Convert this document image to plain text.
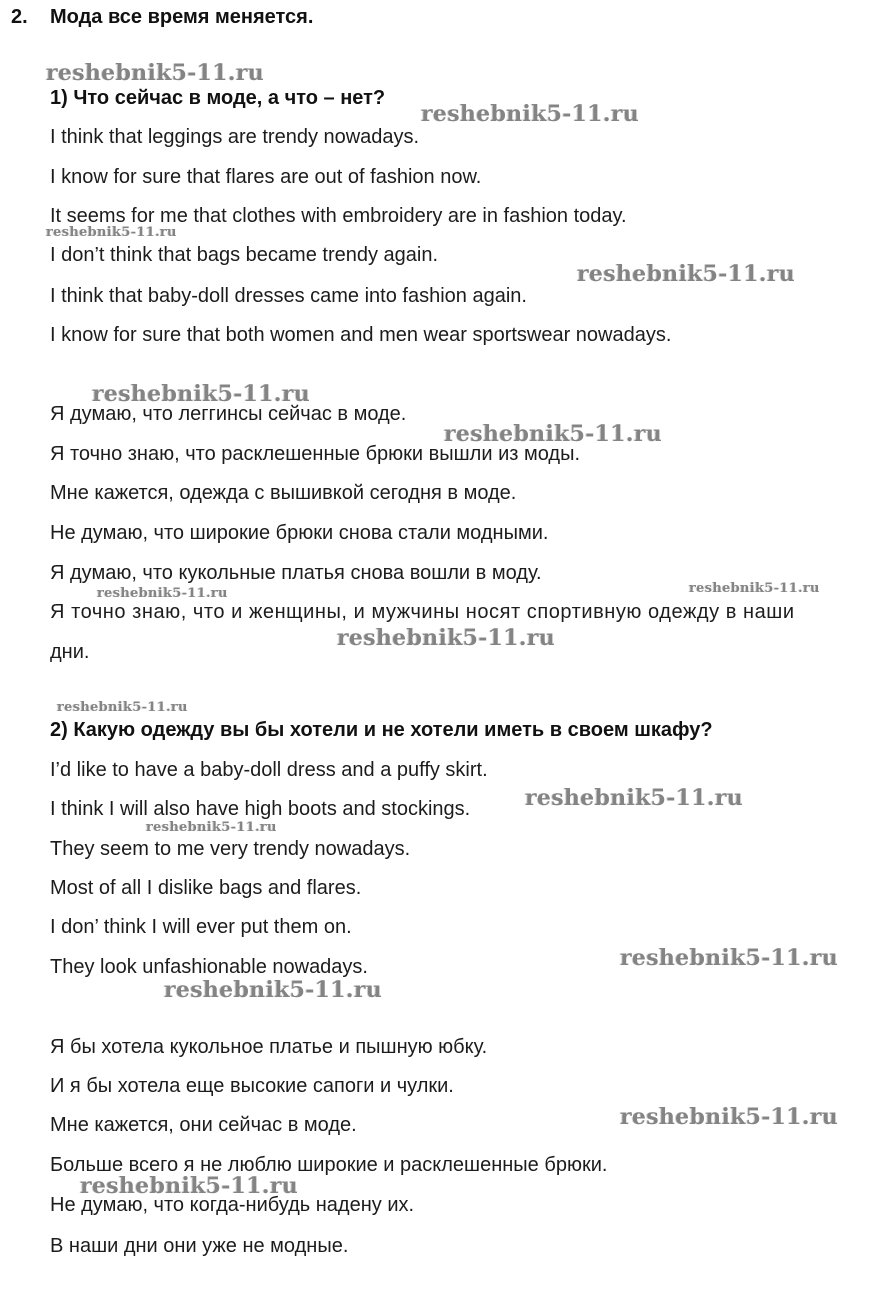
2. Мода все время меняется.
1) Что сейчас в моде, а что – нет?
I think that leggings are trendy nowadays.
I know for sure that flares are out of fashion now.
It seems for me that clothes with embroidery are in fashion today.
I don’t think that bags became trendy again.
I think that baby-doll dresses came into fashion again.
I know for sure that both women and men wear sportswear nowadays.
Я думаю, что леггинсы сейчас в моде.
Я точно знаю, что расклешенные брюки вышли из моды.
Мне кажется, одежда с вышивкой сегодня в моде.
Не думаю, что широкие брюки снова стали модными.
Я думаю, что кукольные платья снова вошли в моду.
Я точно знаю, что и женщины, и мужчины носят спортивную одежду в наши
дни.
2) Какую одежду вы бы хотели и не хотели иметь в своем шкафу?
I’d like to have a baby-doll dress and a puffy skirt.
I think I will also have high boots and stockings.
They seem to me very trendy nowadays.
Most of all I dislike bags and flares.
I don’ think I will ever put them on.
They look unfashionable nowadays.
Я бы хотела кукольное платье и пышную юбку.
И я бы хотела еще высокие сапоги и чулки.
Мне кажется, они сейчас в моде.
Больше всего я не люблю широкие и расклешенные брюки.
Не думаю, что когда-нибудь надену их.
В наши дни они уже не модные.
reshebnik5-11.ru
reshebnik5-11.ru
reshebnik5-11.ru
reshebnik5-11.ru
reshebnik5-11.ru
reshebnik5-11.ru
reshebnik5-11.ru	reshebnik5-11.ru
reshebnik5-11.ru
reshebnik5-11.ru
reshebnik5-11.ru
reshebnik5-11.ru
reshebnik5-11.ru
reshebnik5-11.ru
reshebnik5-11.ru
reshebnik5-11.ru
